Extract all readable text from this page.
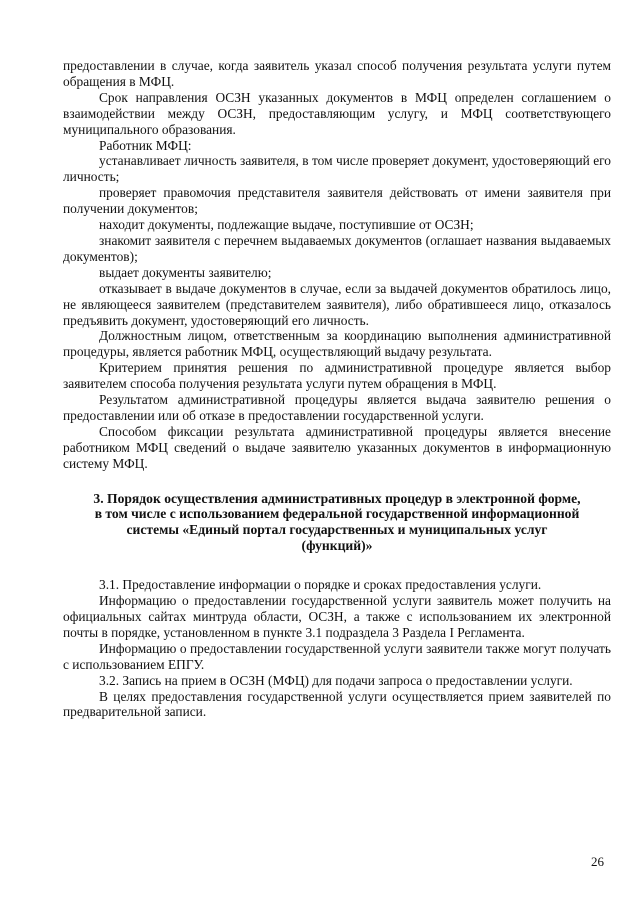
предоставлении в случае, когда заявитель указал способ получения результата услуги путем обращения в МФЦ.

Срок направления ОСЗН указанных документов в МФЦ определен соглашением о взаимодействии между ОСЗН, предоставляющим услугу, и МФЦ соответствующего муниципального образования.

Работник МФЦ:

устанавливает личность заявителя, в том числе проверяет документ, удостоверяющий его личность;

проверяет правомочия представителя заявителя действовать от имени заявителя при получении документов;

находит документы, подлежащие выдаче, поступившие от ОСЗН;

знакомит заявителя с перечнем выдаваемых документов (оглашает названия выдаваемых документов);

выдает документы заявителю;

отказывает в выдаче документов в случае, если за выдачей документов обратилось лицо, не являющееся заявителем (представителем заявителя), либо обратившееся лицо, отказалось предъявить документ, удостоверяющий его личность.

Должностным лицом, ответственным за координацию выполнения административной процедуры, является работник МФЦ, осуществляющий выдачу результата.

Критерием принятия решения по административной процедуре является выбор заявителем способа получения результата услуги путем обращения в МФЦ.

Результатом административной процедуры является выдача заявителю решения о предоставлении или об отказе в предоставлении государственной услуги.

Способом фиксации результата административной процедуры является внесение работником МФЦ сведений о выдаче заявителю указанных документов в информационную систему МФЦ.

3. Порядок осуществления административных процедур в электронной форме,
в том числе с использованием федеральной государственной информационной
системы «Единый портал государственных и муниципальных услуг
(функций)»

3.1. Предоставление информации о порядке и сроках предоставления услуги.

Информацию о предоставлении государственной услуги заявитель может получить на официальных сайтах минтруда области, ОСЗН, а также с использованием их электронной почты в порядке, установленном в пункте 3.1 подраздела 3 Раздела I Регламента.

Информацию о предоставлении государственной услуги заявители также могут получать с использованием ЕПГУ.

3.2. Запись на прием в ОСЗН (МФЦ) для подачи запроса о предоставлении услуги.

В целях предоставления государственной услуги осуществляется прием заявителей по предварительной записи.

26
